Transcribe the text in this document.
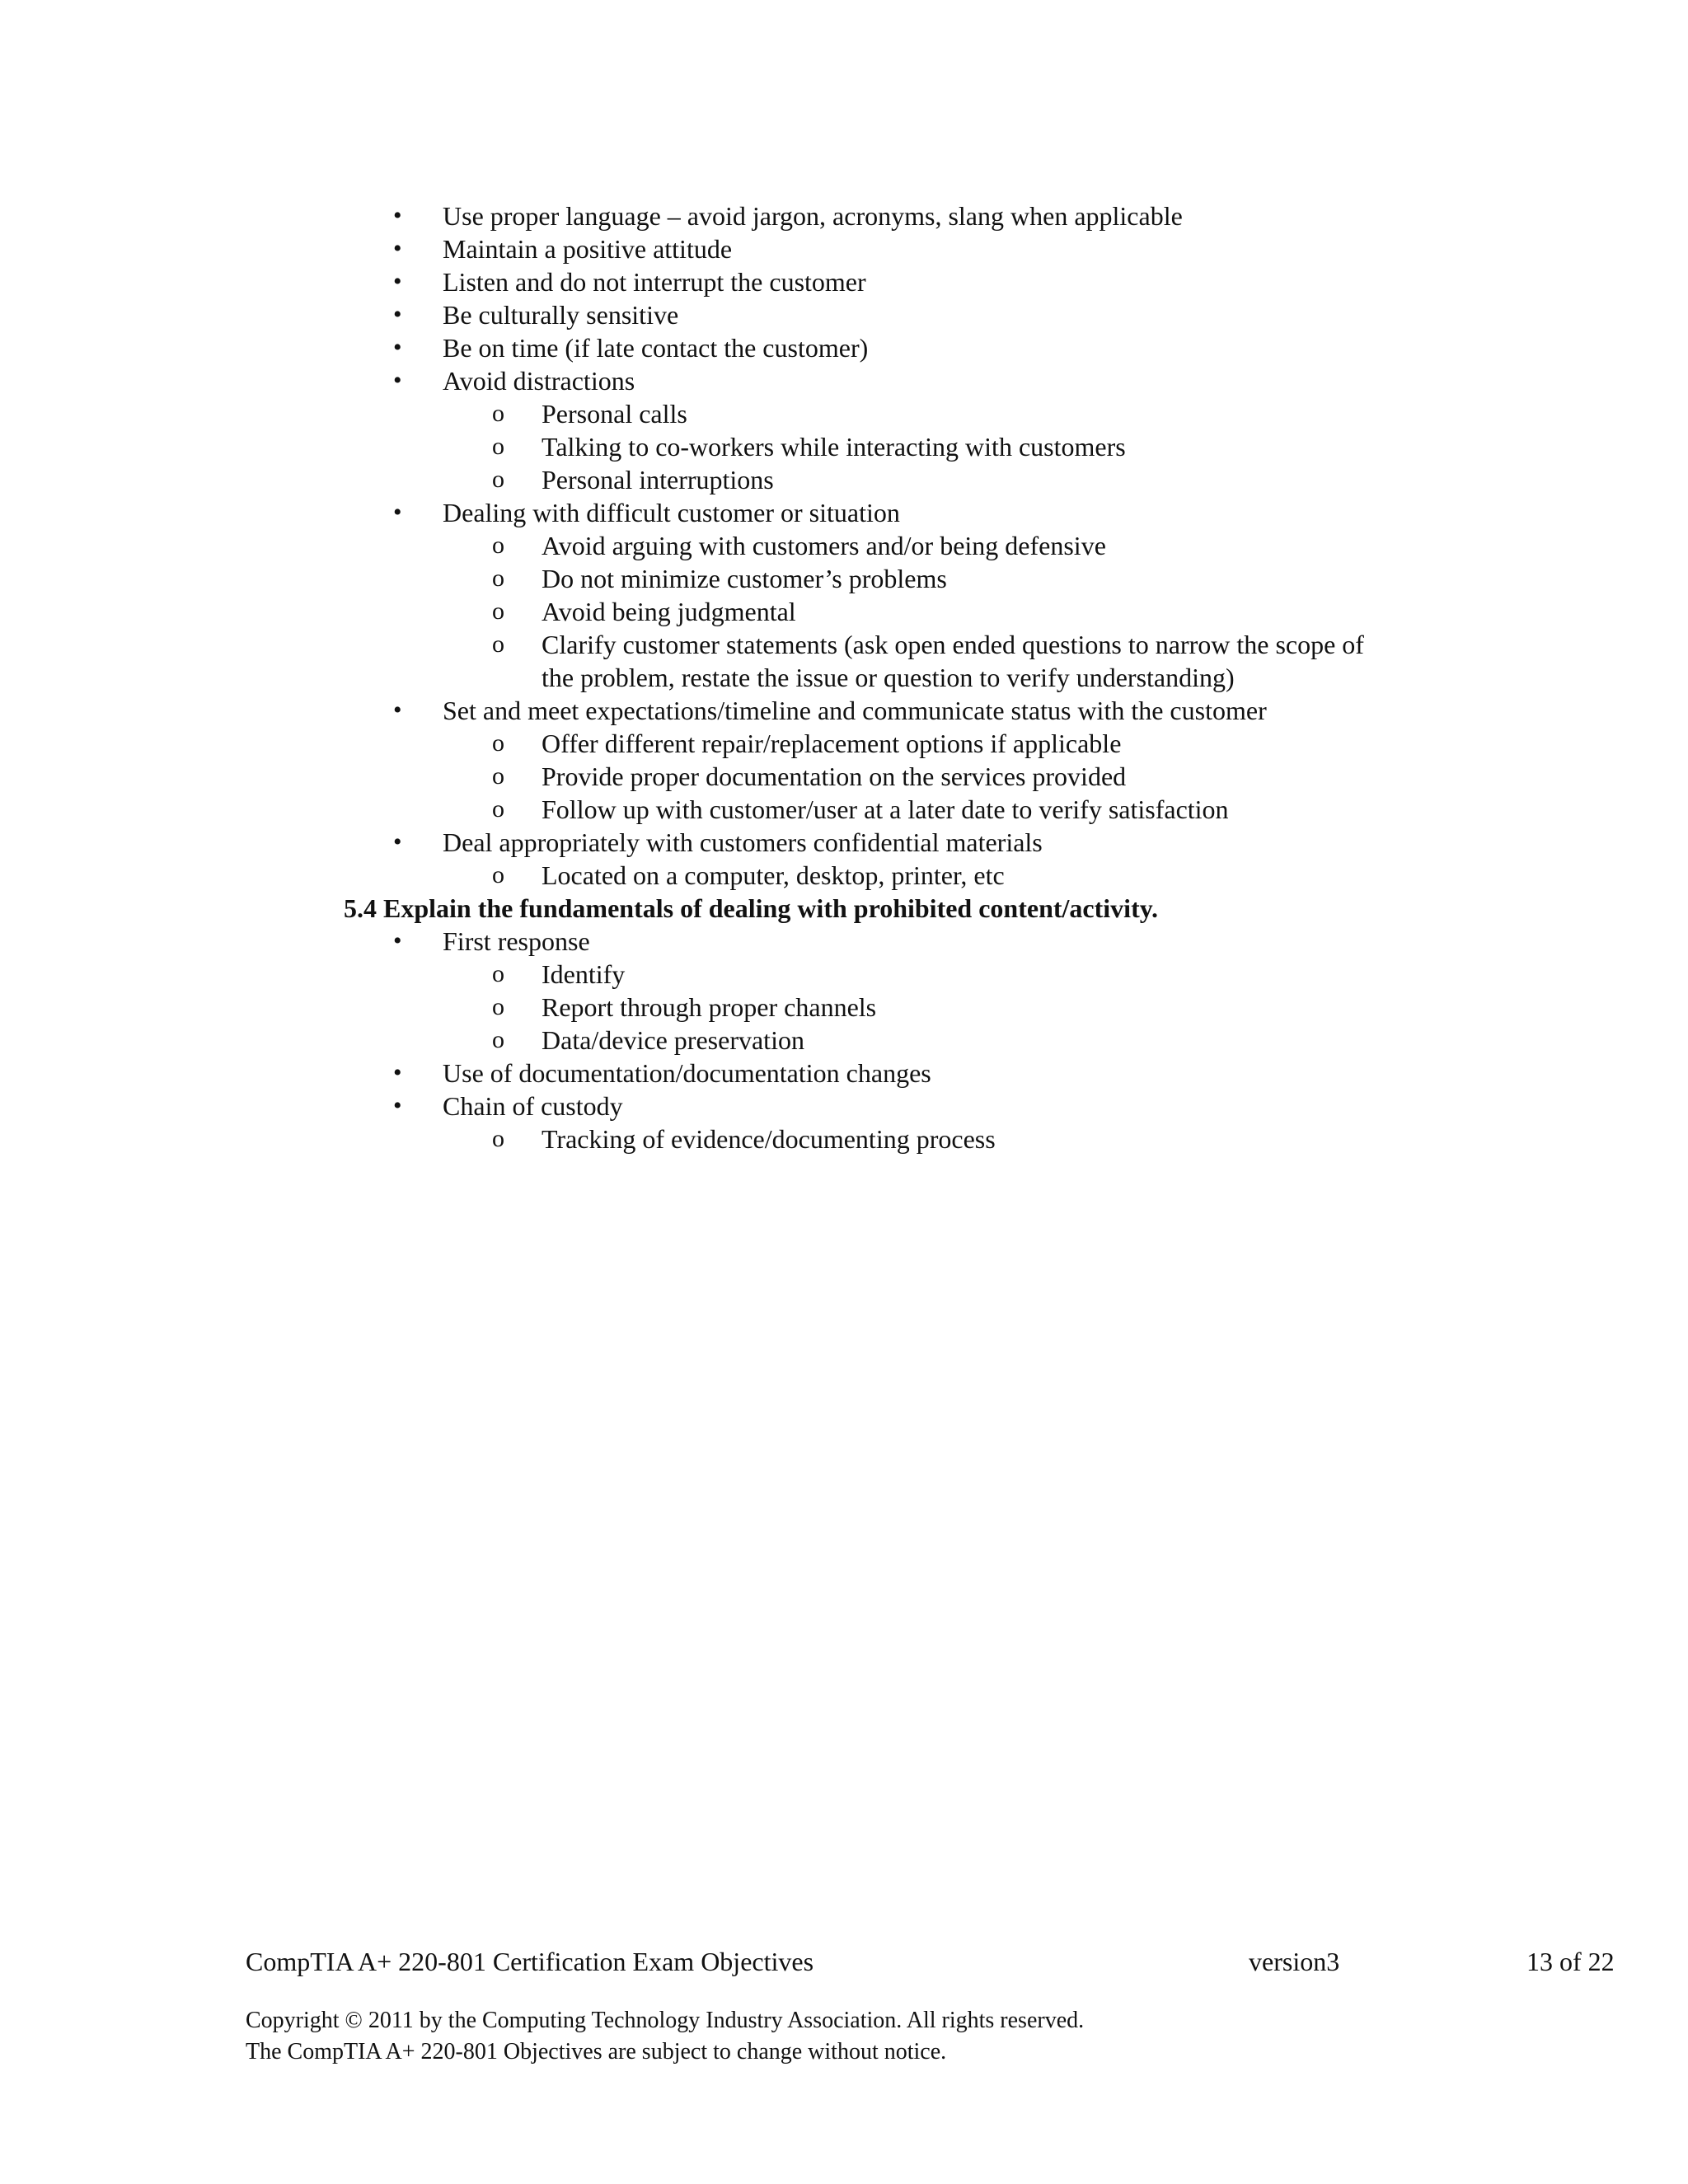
• Use proper language – avoid jargon, acronyms, slang when applicable
• Maintain a positive attitude
• Listen and do not interrupt the customer
• Be culturally sensitive
• Be on time (if late contact the customer)
• Avoid distractions
o Personal calls
o Talking to co-workers while interacting with customers
o Personal interruptions
• Dealing with difficult customer or situation
o Avoid arguing with customers and/or being defensive
o Do not minimize customer’s problems
o Avoid being judgmental
o Clarify customer statements (ask open ended questions to narrow the scope of
the problem, restate the issue or question to verify understanding)
• Set and meet expectations/timeline and communicate status with the customer
o Offer different repair/replacement options if applicable
o Provide proper documentation on the services provided
o Follow up with customer/user at a later date to verify satisfaction
• Deal appropriately with customers confidential materials
o Located on a computer, desktop, printer, etc
5.4 Explain the fundamentals of dealing with prohibited content/activity.
• First response
o Identify
o Report through proper channels
o Data/device preservation
• Use of documentation/documentation changes
• Chain of custody
o Tracking of evidence/documenting process
CompTIA A+ 220-801 Certification Exam Objectives	version3	13 of 22
Copyright © 2011 by the Computing Technology Industry Association. All rights reserved.
The CompTIA A+ 220-801 Objectives are subject to change without notice.
